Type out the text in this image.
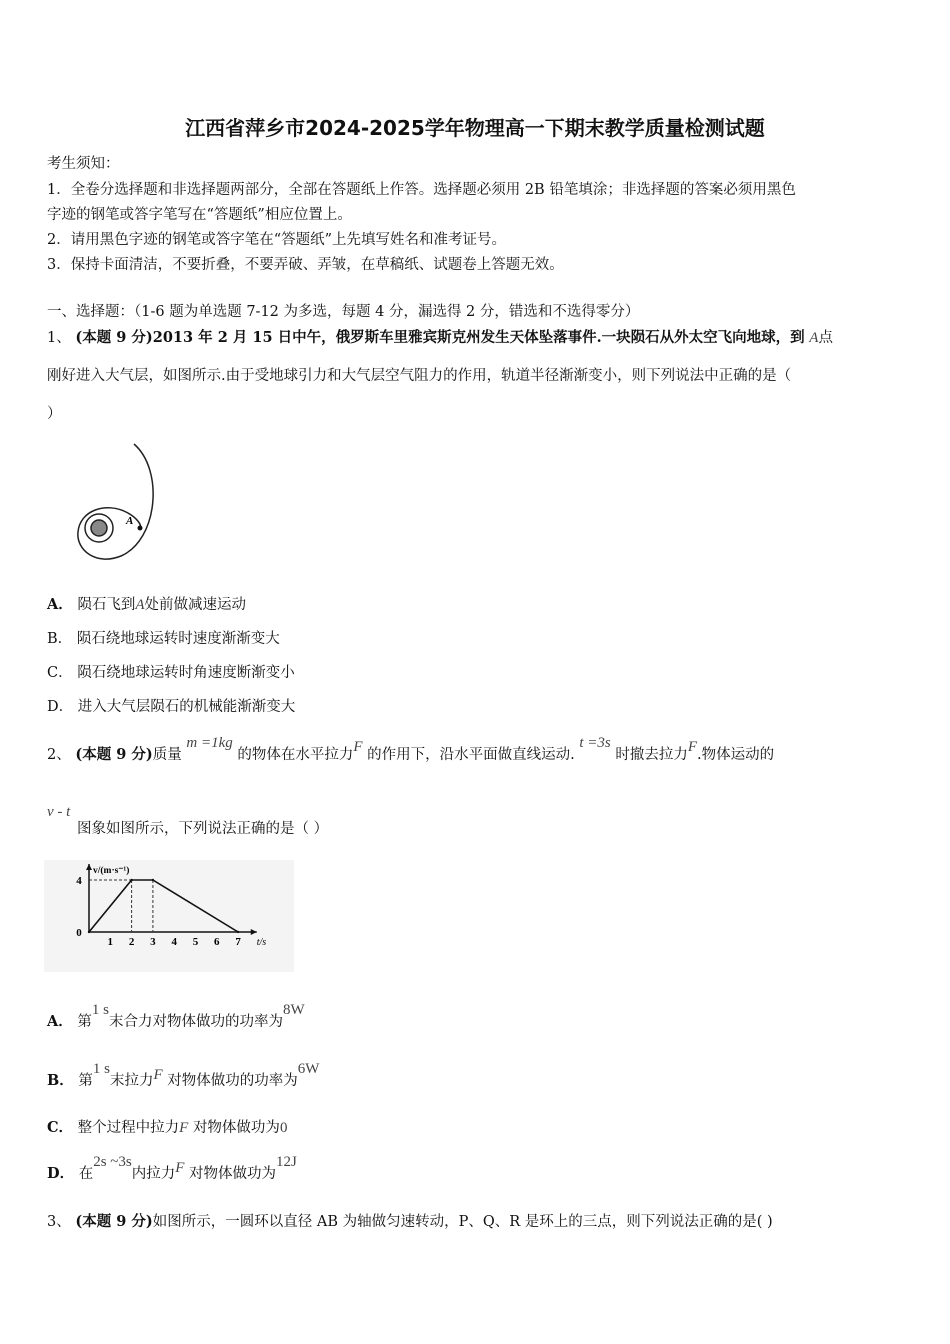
江西省萍乡市2024-2025学年物理高一下期末教学质量检测试题
考生须知：
1．全卷分选择题和非选择题两部分，全部在答题纸上作答。选择题必须用 2B 铅笔填涂；非选择题的答案必须用黑色
字迹的钢笔或答字笔写在“答题纸”相应位置上。
2．请用黑色字迹的钢笔或答字笔在“答题纸”上先填写姓名和准考证号。
3．保持卡面清洁，不要折叠，不要弄破、弄皱，在草稿纸、试题卷上答题无效。
一、选择题：（1-6 题为单选题 7-12 为多选，每题 4 分，漏选得 2 分，错选和不选得零分）
1、 (本题 9 分)2013 年 2 月 15 日中午，俄罗斯车里雅宾斯克州发生天体坠落事件.一块陨石从外太空飞向地球，到 A点
刚好进入大气层，如图所示.由于受地球引力和大气层空气阻力的作用，轨道半径渐渐变小，则下列说法中正确的是（
）
A
A． 陨石飞到A处前做减速运动
B． 陨石绕地球运转时速度渐渐变大
C． 陨石绕地球运转时角速度断渐变小
D． 进入大气层陨石的机械能渐渐变大
2、 (本题 9 分)质量 m =1kg 的物体在水平拉力F 的作用下，沿水平面做直线运动. t =3s 时撤去拉力F.物体运动的
v - t
图象如图所示，下列说法正确的是（ ）
1 2 3 4 5 6 7
0
4
v/(m·s⁻¹)
t/s
A． 第1 s末合力对物体做功的功率为8W
B． 第1 s末拉力F 对物体做功的功率为6W
C． 整个过程中拉力F 对物体做功为0
D． 在2s ~3s内拉力F 对物体做功为12J
3、 (本题 9 分)如图所示，一圆环以直径 AB 为轴做匀速转动，P、Q、R 是环上的三点，则下列说法正确的是( )
